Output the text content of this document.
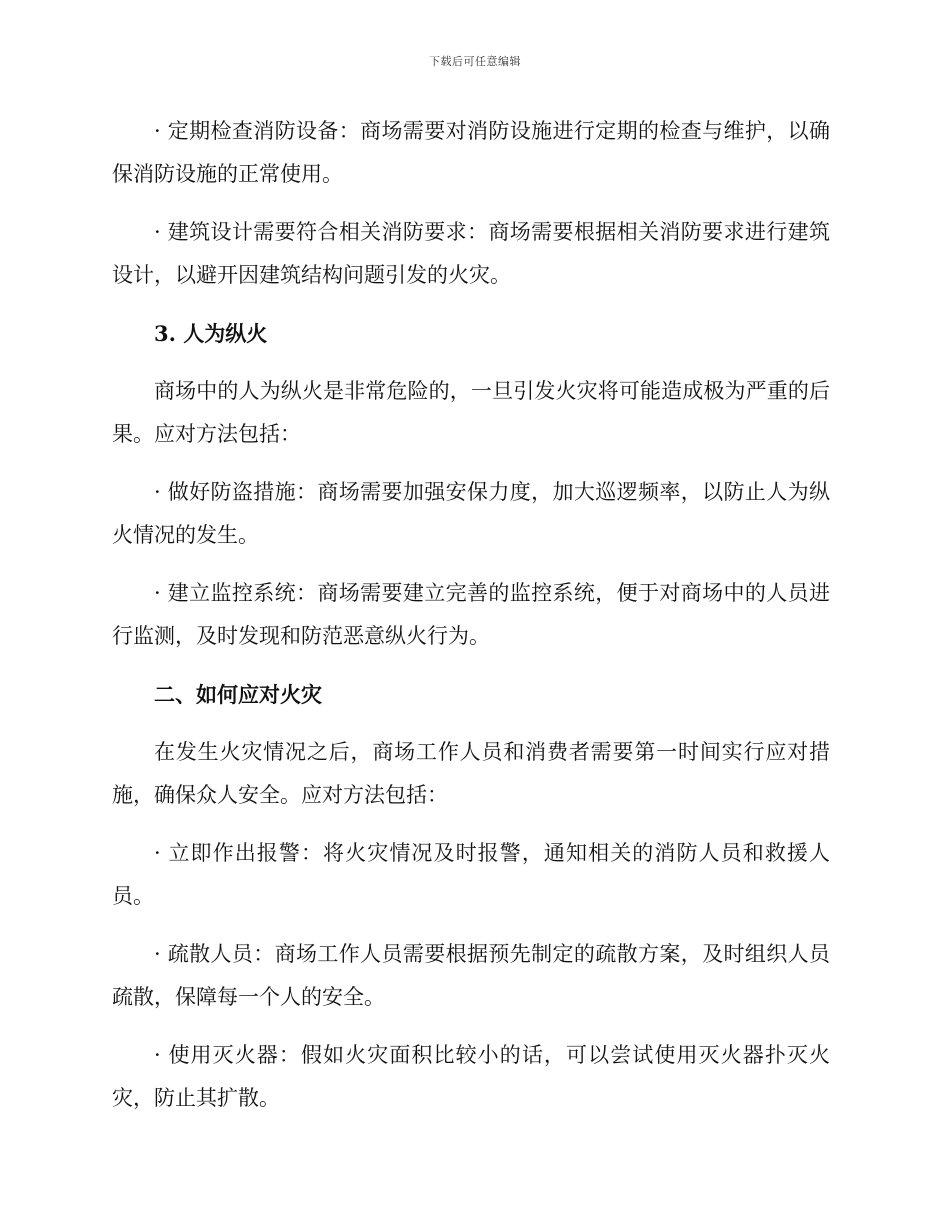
下载后可任意编辑

· 定期检查消防设备：商场需要对消防设施进行定期的检查与维护，以确保消防设施的正常使用。

· 建筑设计需要符合相关消防要求：商场需要根据相关消防要求进行建筑设计，以避开因建筑结构问题引发的火灾。

3. 人为纵火

商场中的人为纵火是非常危险的，一旦引发火灾将可能造成极为严重的后果。应对方法包括：

· 做好防盗措施：商场需要加强安保力度，加大巡逻频率，以防止人为纵火情况的发生。

· 建立监控系统：商场需要建立完善的监控系统，便于对商场中的人员进行监测，及时发现和防范恶意纵火行为。

二、如何应对火灾

在发生火灾情况之后，商场工作人员和消费者需要第一时间实行应对措施，确保众人安全。应对方法包括：

· 立即作出报警：将火灾情况及时报警，通知相关的消防人员和救援人员。

· 疏散人员：商场工作人员需要根据预先制定的疏散方案，及时组织人员疏散，保障每一个人的安全。

· 使用灭火器：假如火灾面积比较小的话，可以尝试使用灭火器扑灭火灾，防止其扩散。
